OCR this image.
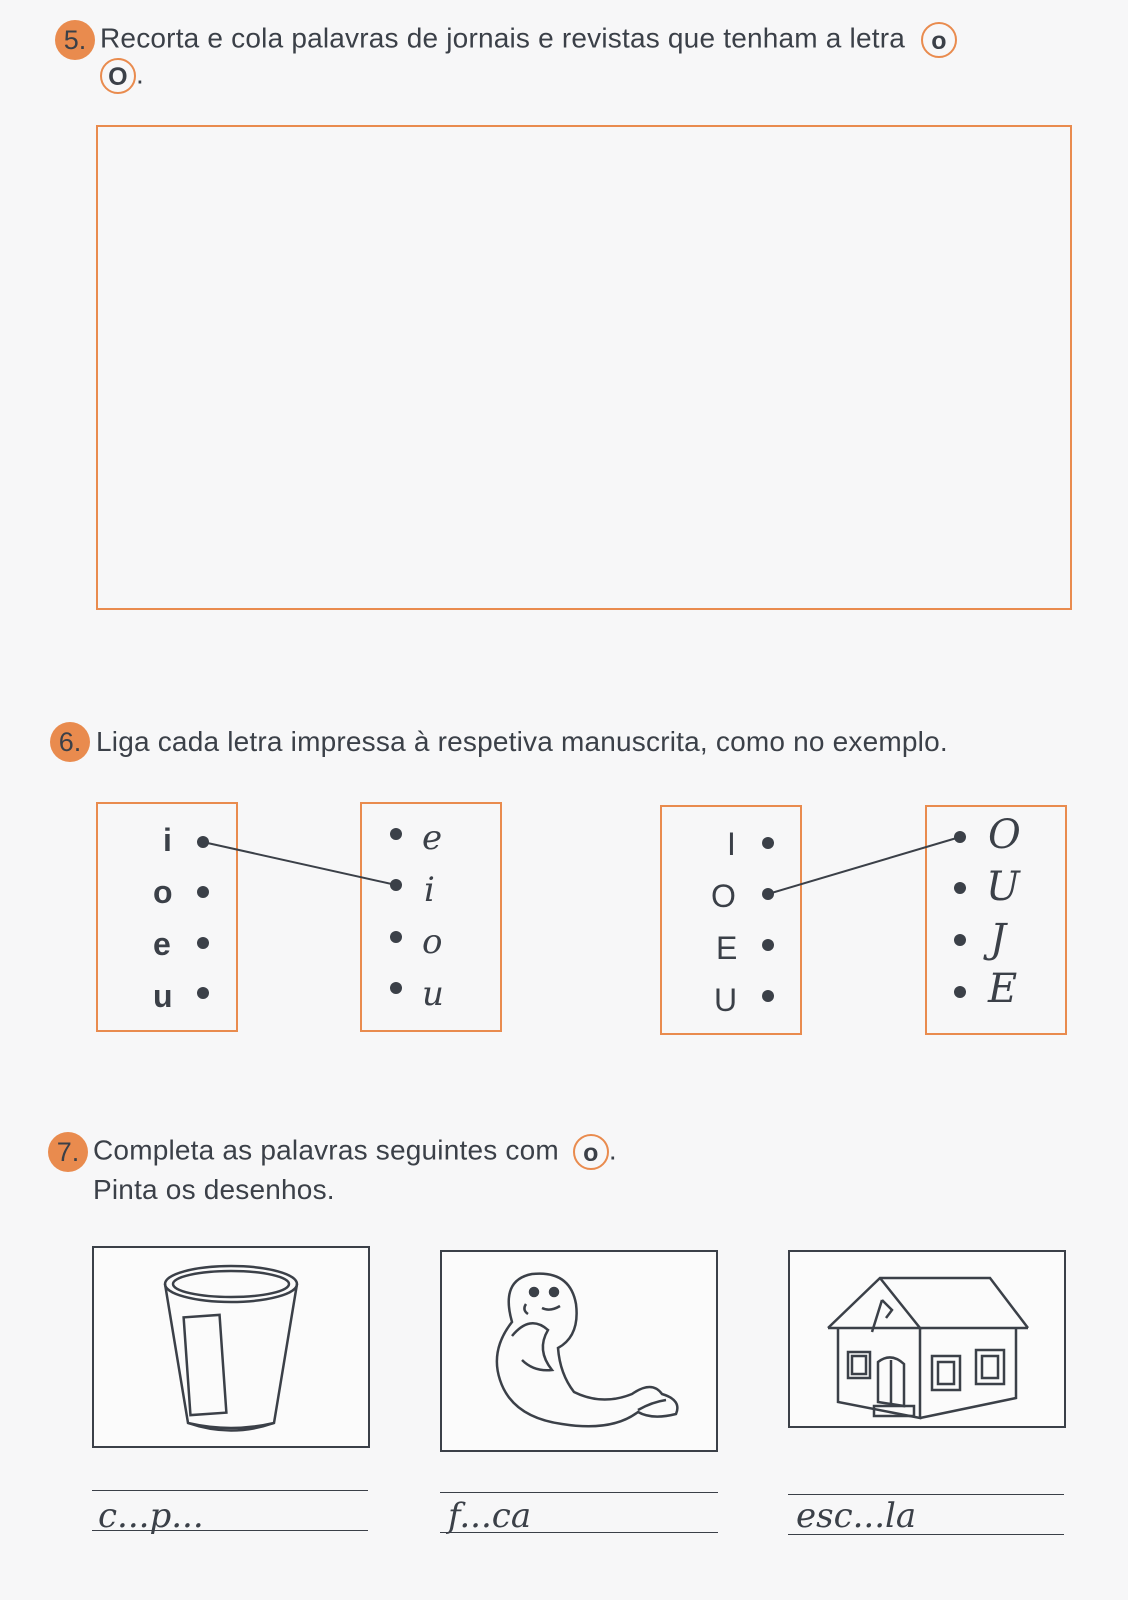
5. Recorta e cola palavras de jornais e revistas que tenham a letra o
O .
6. Liga cada letra impressa à respetiva manuscrita, como no exemplo.
i
o
e
u
e
i
o
u
I
O
E
U
O
U
J
E
7. Completa as palavras seguintes com o .
Pinta os desenhos.
c...p...	f...ca	esc...la
